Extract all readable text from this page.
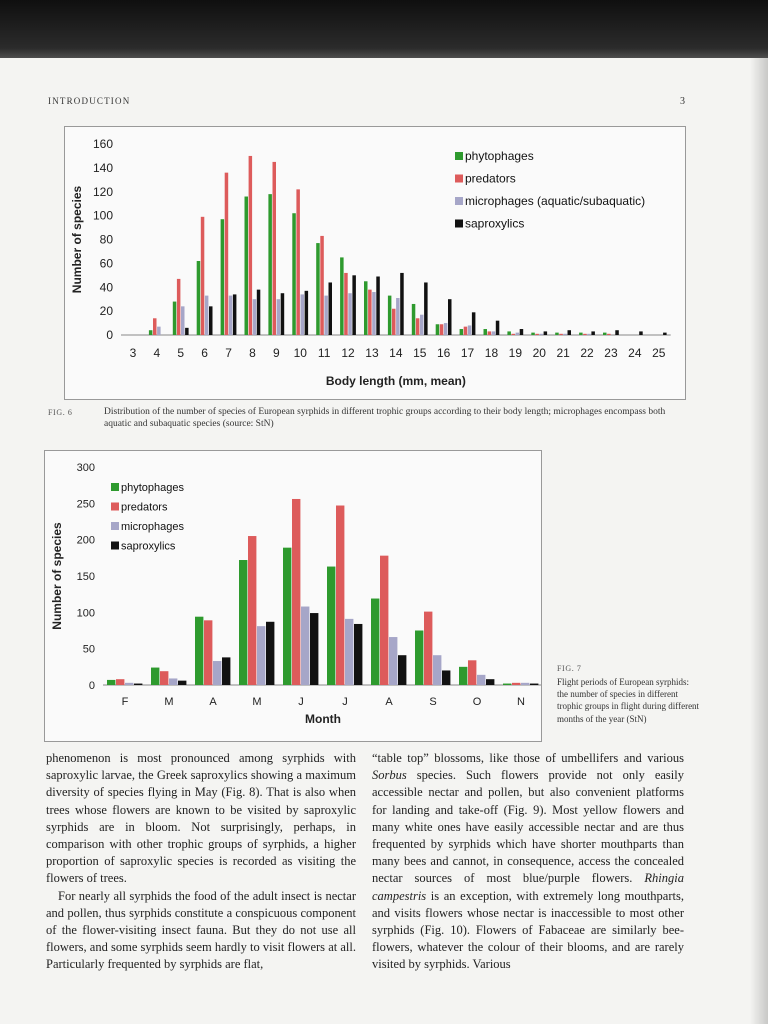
INTRODUCTION	3
0
20
40
60
80
100
120
140
160
Number of species
Body length (mm, mean)
3 4 5 6 7 8 9 10 11 12 13 14 15 16 17 18 19 20 21 22 23 24 25
phytophages
predators
microphages (aquatic/subaquatic)
saproxylics
FIG. 6	Distribution of the number of species of European syrphids in different trophic groups according to their body length; microphages encompass both aquatic and subaquatic species (source: StN)
0
50
100
150
200
250
300
Number of species
Month
F	M	A	M	J	J	A	S	O	N
phytophages
predators
microphages
saproxylics
FIG. 7
Flight periods of European syrphids: the number of species in different trophic groups in flight during different months of the year (StN)

phenomenon is most pronounced among syrphids with saproxylic larvae, the Greek saproxylics showing a maximum diversity of species flying in May (Fig. 8). That is also when trees whose flowers are known to be visited by saproxylic syrphids are in bloom. Not surprisingly, perhaps, in comparison with other trophic groups of syrphids, a higher proportion of saproxylic species is recorded as visiting the flowers of trees.

For nearly all syrphids the food of the adult insect is nectar and pollen, thus syrphids constitute a conspicuous component of the flower-visiting insect fauna. But they do not use all flowers, and some syrphids seem hardly to visit flowers at all. Particularly frequented by syrphids are flat,

“table top” blossoms, like those of umbellifers and various Sorbus species. Such flowers provide not only easily accessible nectar and pollen, but also convenient platforms for landing and take-off (Fig. 9). Most yellow flowers and many white ones have easily accessible nectar and are thus frequented by syrphids which have shorter mouthparts than many bees and cannot, in consequence, access the concealed nectar sources of most blue/purple flowers. Rhingia campestris is an exception, with extremely long mouthparts, and visits flowers whose nectar is inaccessible to most other syrphids (Fig. 10). Flowers of Fabaceae are similarly bee-flowers, whatever the colour of their blooms, and are rarely visited by syrphids. Various
